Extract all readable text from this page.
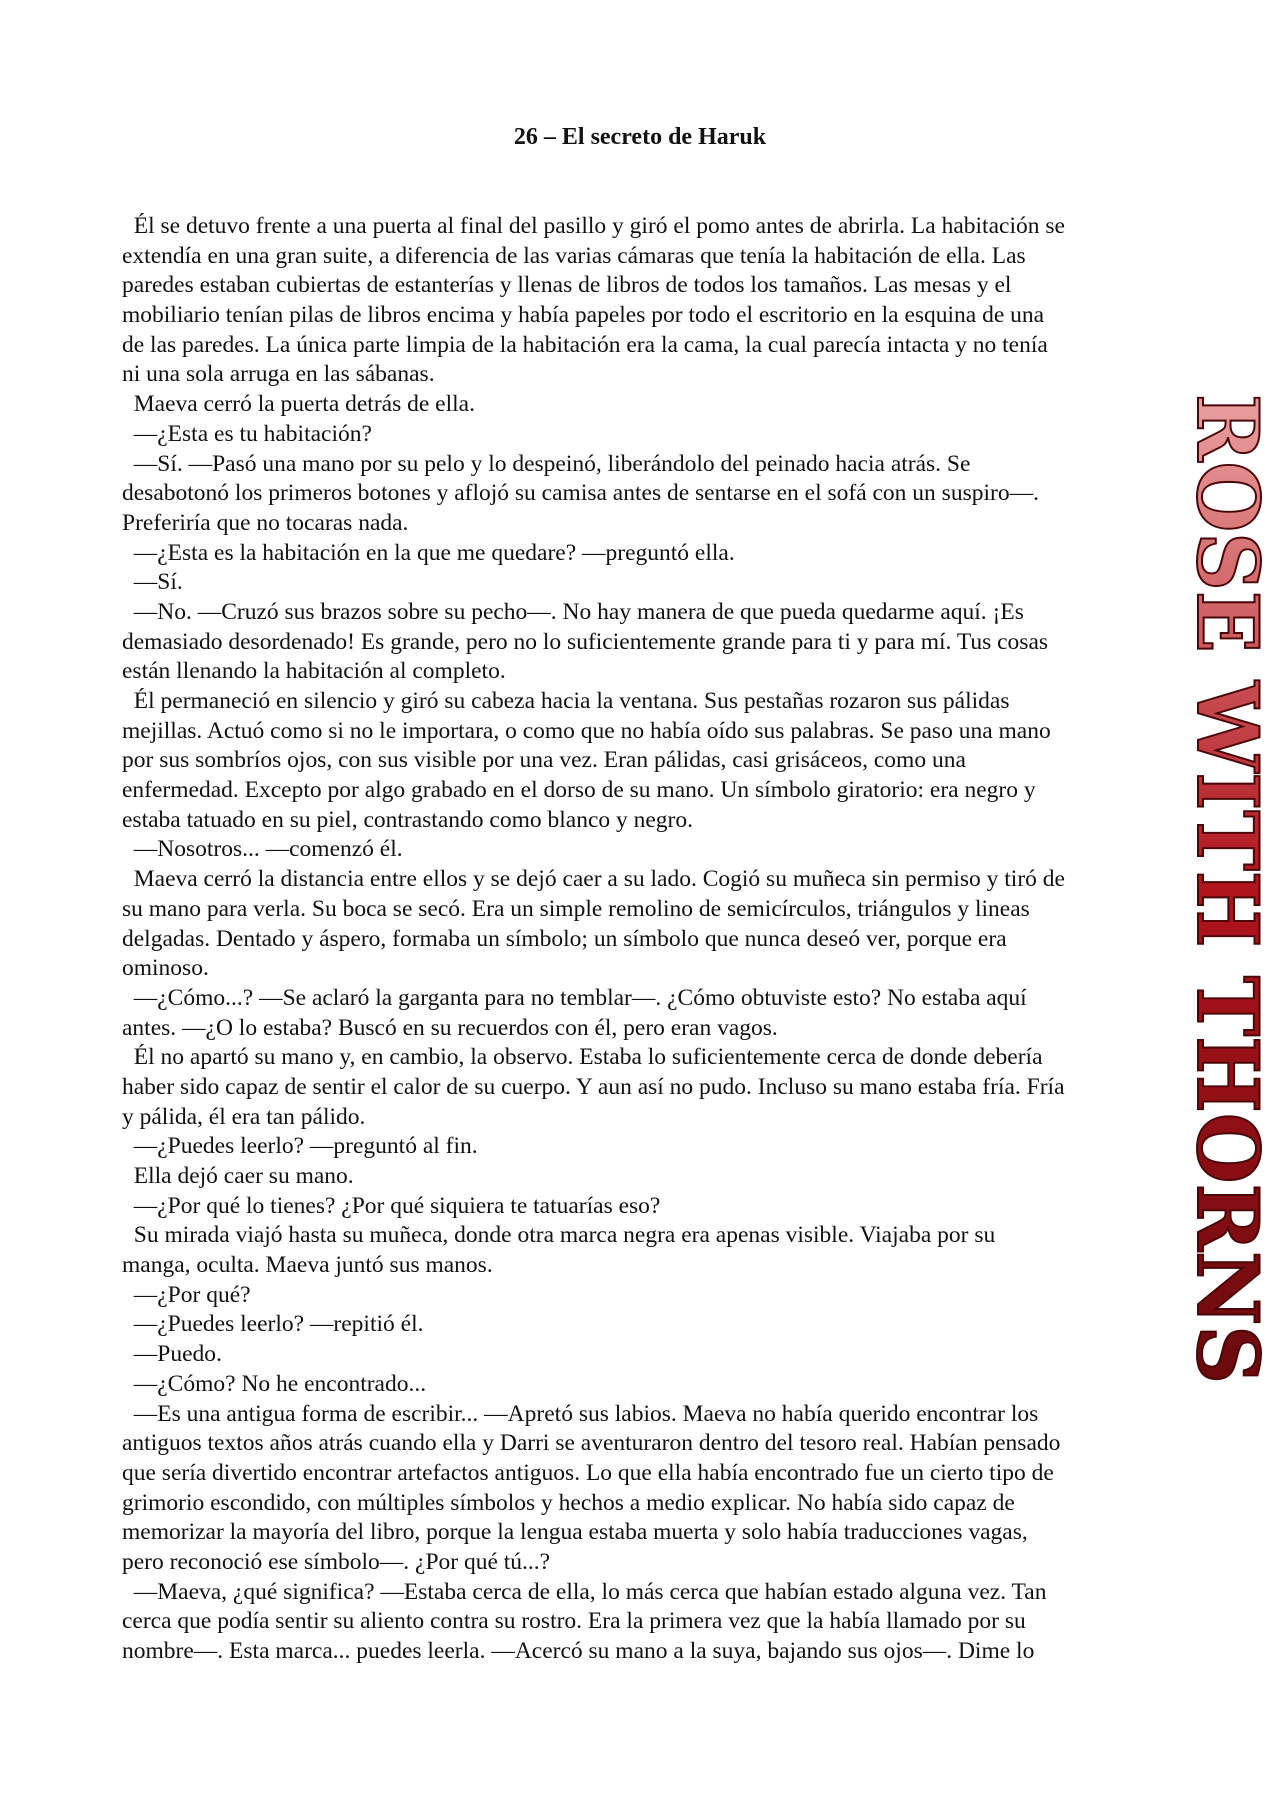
26 – El secreto de Haruk
Él se detuvo frente a una puerta al final del pasillo y giró el pomo antes de abrirla. La habitación se
extendía en una gran suite, a diferencia de las varias cámaras que tenía la habitación de ella. Las
paredes estaban cubiertas de estanterías y llenas de libros de todos los tamaños. Las mesas y el
mobiliario tenían pilas de libros encima y había papeles por todo el escritorio en la esquina de una
de las paredes. La única parte limpia de la habitación era la cama, la cual parecía intacta y no tenía
ni una sola arruga en las sábanas.
Maeva cerró la puerta detrás de ella.
—¿Esta es tu habitación?
—Sí. —Pasó una mano por su pelo y lo despeinó, liberándolo del peinado hacia atrás. Se
desabotonó los primeros botones y aflojó su camisa antes de sentarse en el sofá con un suspiro—.
Preferiría que no tocaras nada.
—¿Esta es la habitación en la que me quedare? —preguntó ella.
—Sí.
—No. —Cruzó sus brazos sobre su pecho—. No hay manera de que pueda quedarme aquí. ¡Es
demasiado desordenado! Es grande, pero no lo suficientemente grande para ti y para mí. Tus cosas
están llenando la habitación al completo.
Él permaneció en silencio y giró su cabeza hacia la ventana. Sus pestañas rozaron sus pálidas
mejillas. Actuó como si no le importara, o como que no había oído sus palabras. Se paso una mano
por sus sombríos ojos, con sus visible por una vez. Eran pálidas, casi grisáceos, como una
enfermedad. Excepto por algo grabado en el dorso de su mano. Un símbolo giratorio: era negro y
estaba tatuado en su piel, contrastando como blanco y negro.
—Nosotros... —comenzó él.
Maeva cerró la distancia entre ellos y se dejó caer a su lado. Cogió su muñeca sin permiso y tiró de
su mano para verla. Su boca se secó. Era un simple remolino de semicírculos, triángulos y lineas
delgadas. Dentado y áspero, formaba un símbolo; un símbolo que nunca deseó ver, porque era
ominoso.
—¿Cómo...? —Se aclaró la garganta para no temblar—. ¿Cómo obtuviste esto? No estaba aquí
antes. —¿O lo estaba? Buscó en su recuerdos con él, pero eran vagos.
Él no apartó su mano y, en cambio, la observo. Estaba lo suficientemente cerca de donde debería
haber sido capaz de sentir el calor de su cuerpo. Y aun así no pudo. Incluso su mano estaba fría. Fría
y pálida, él era tan pálido.
—¿Puedes leerlo? —preguntó al fin.
Ella dejó caer su mano.
—¿Por qué lo tienes? ¿Por qué siquiera te tatuarías eso?
Su mirada viajó hasta su muñeca, donde otra marca negra era apenas visible. Viajaba por su
manga, oculta. Maeva juntó sus manos.
—¿Por qué?
—¿Puedes leerlo? —repitió él.
—Puedo.
—¿Cómo? No he encontrado...
—Es una antigua forma de escribir... —Apretó sus labios. Maeva no había querido encontrar los
antiguos textos años atrás cuando ella y Darri se aventuraron dentro del tesoro real. Habían pensado
que sería divertido encontrar artefactos antiguos. Lo que ella había encontrado fue un cierto tipo de
grimorio escondido, con múltiples símbolos y hechos a medio explicar. No había sido capaz de
memorizar la mayoría del libro, porque la lengua estaba muerta y solo había traducciones vagas,
pero reconoció ese símbolo—. ¿Por qué tú...?
—Maeva, ¿qué significa? —Estaba cerca de ella, lo más cerca que habían estado alguna vez. Tan
cerca que podía sentir su aliento contra su rostro. Era la primera vez que la había llamado por su
nombre—. Esta marca... puedes leerla. —Acercó su mano a la suya, bajando sus ojos—. Dime lo
ROSE WITH THORNS
